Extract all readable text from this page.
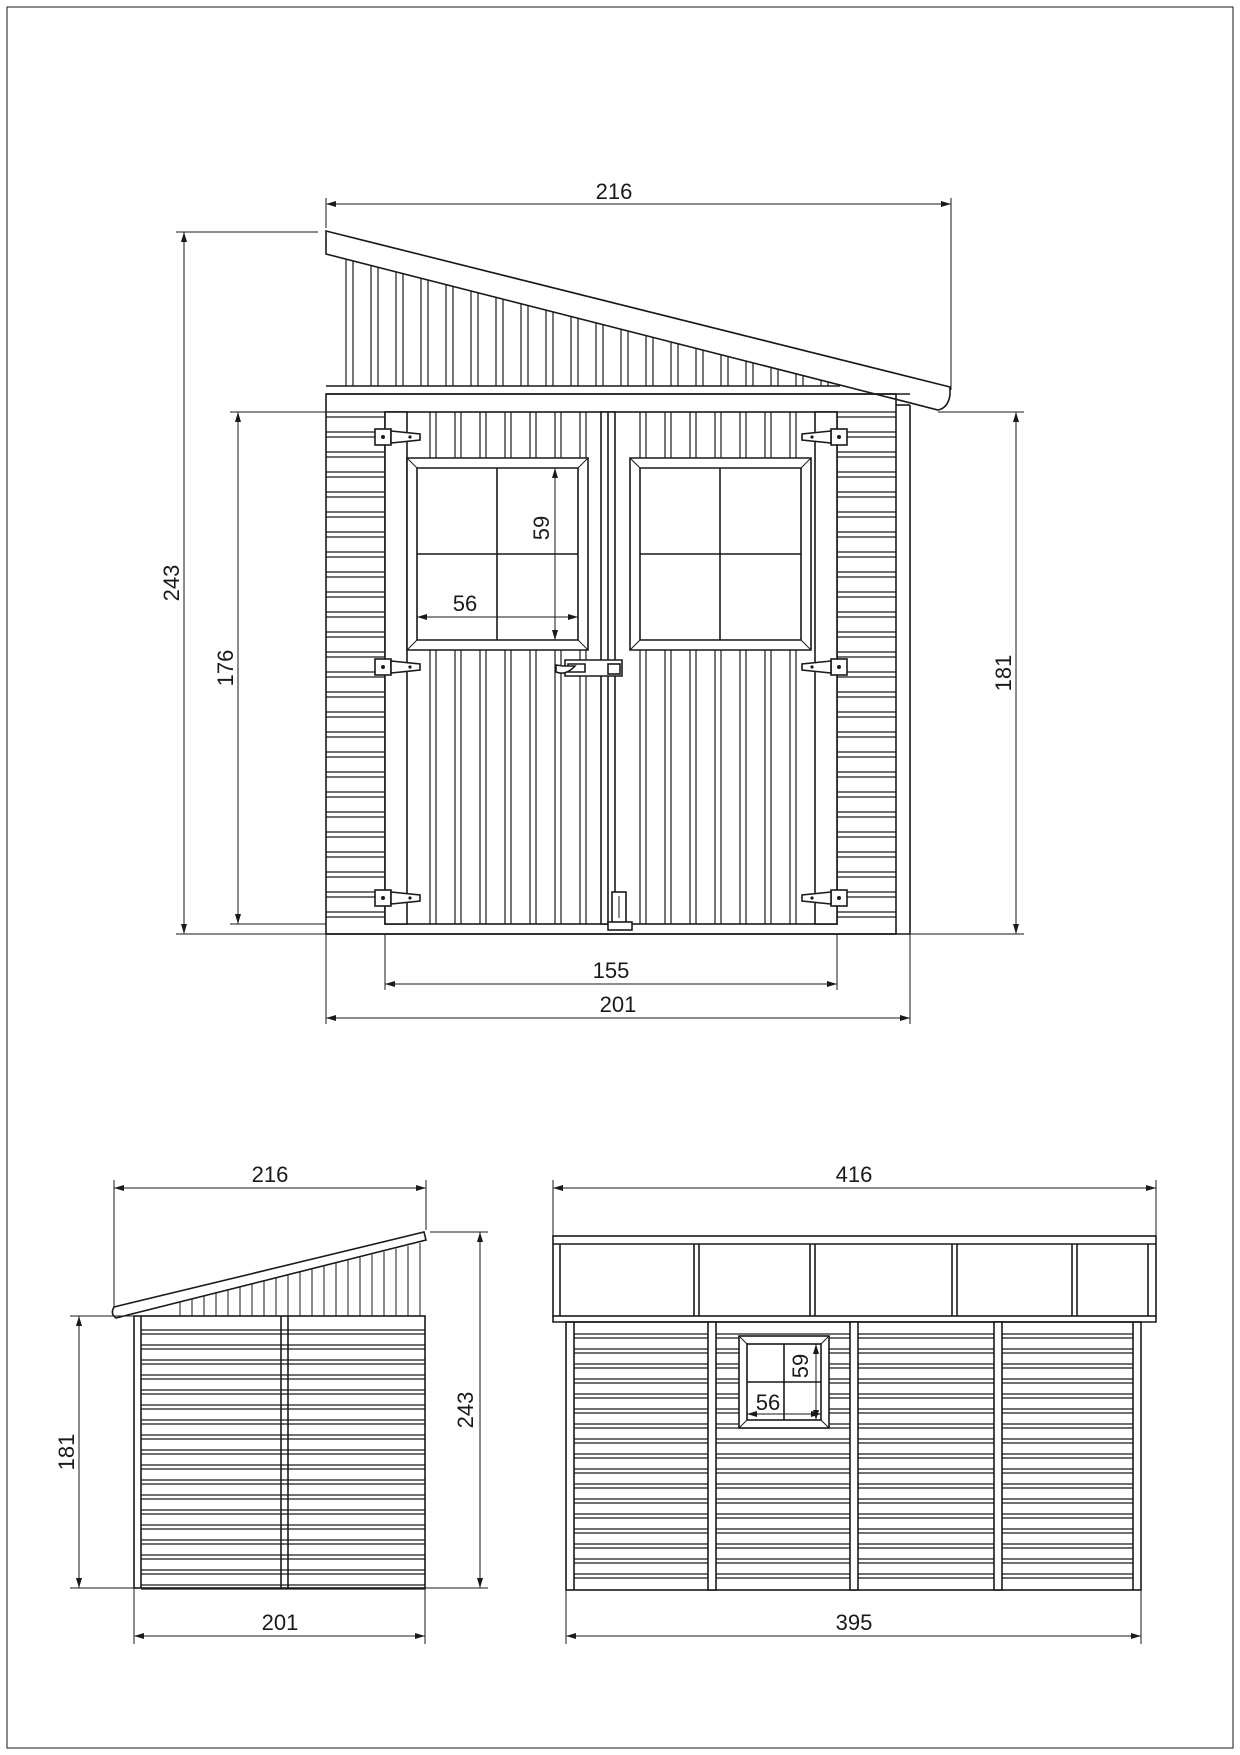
216
243
176	181
155
201
56
59
216
243
181
201
416
395
56
59
